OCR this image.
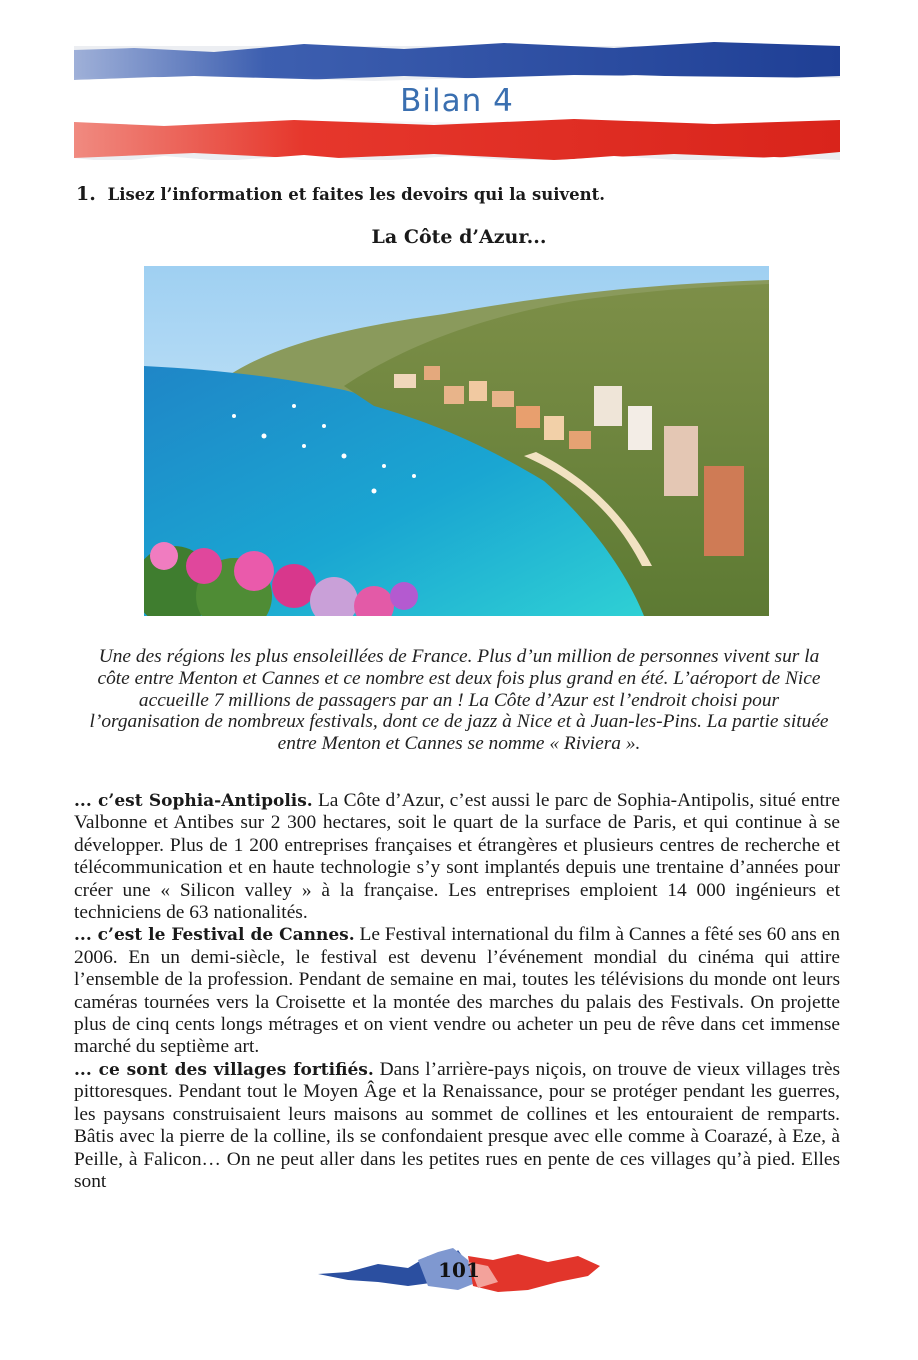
Bilan 4
1. Lisez l’information et faites les devoirs qui la suivent.
La Côte d’Azur...
Une des régions les plus ensoleillées de France. Plus d’un million de personnes vivent sur la côte entre Menton et Cannes et ce nombre est deux fois plus grand en été. L’aéroport de Nice accueille 7 millions de passagers par an ! La Côte d’Azur est l’endroit choisi pour l’organisation de nombreux festivals, dont ce de jazz à Nice et à Juan-les-Pins. La partie située entre Menton et Cannes se nomme « Riviera ».

... c’est Sophia-Antipolis. La Côte d’Azur, c’est aussi le parc de Sophia-Antipolis, situé entre Valbonne et Antibes sur 2 300 hectares, soit le quart de la surface de Paris, et qui continue à se développer. Plus de 1 200 entreprises françaises et étrangères et plusieurs centres de recherche et télécommunication et en haute technologie s’y sont implantés depuis une trentaine d’années pour créer une « Silicon valley » à la française. Les entreprises emploient 14 000 ingénieurs et techniciens de 63 nationalités.

... c’est le Festival de Cannes. Le Festival international du film à Cannes a fêté ses 60 ans en 2006. En un demi-siècle, le festival est devenu l’événement mondial du cinéma qui attire l’ensemble de la profession. Pendant de semaine en mai, toutes les télévisions du monde ont leurs caméras tournées vers la Croisette et la montée des marches du palais des Festivals. On projette plus de cinq cents longs métrages et on vient vendre ou acheter un peu de rêve dans cet immense marché du septième art.

... ce sont des villages fortifiés. Dans l’arrière-pays niçois, on trouve de vieux villages très pittoresques. Pendant tout le Moyen Âge et la Renaissance, pour se protéger pendant les guerres, les paysans construisaient leurs maisons au sommet de collines et les entouraient de remparts. Bâtis avec la pierre de la colline, ils se confondaient presque avec elle comme à Coarazé, à Eze, à Peille, à Falicon… On ne peut aller dans les petites rues en pente de ces villages qu’à pied. Elles sont

101
